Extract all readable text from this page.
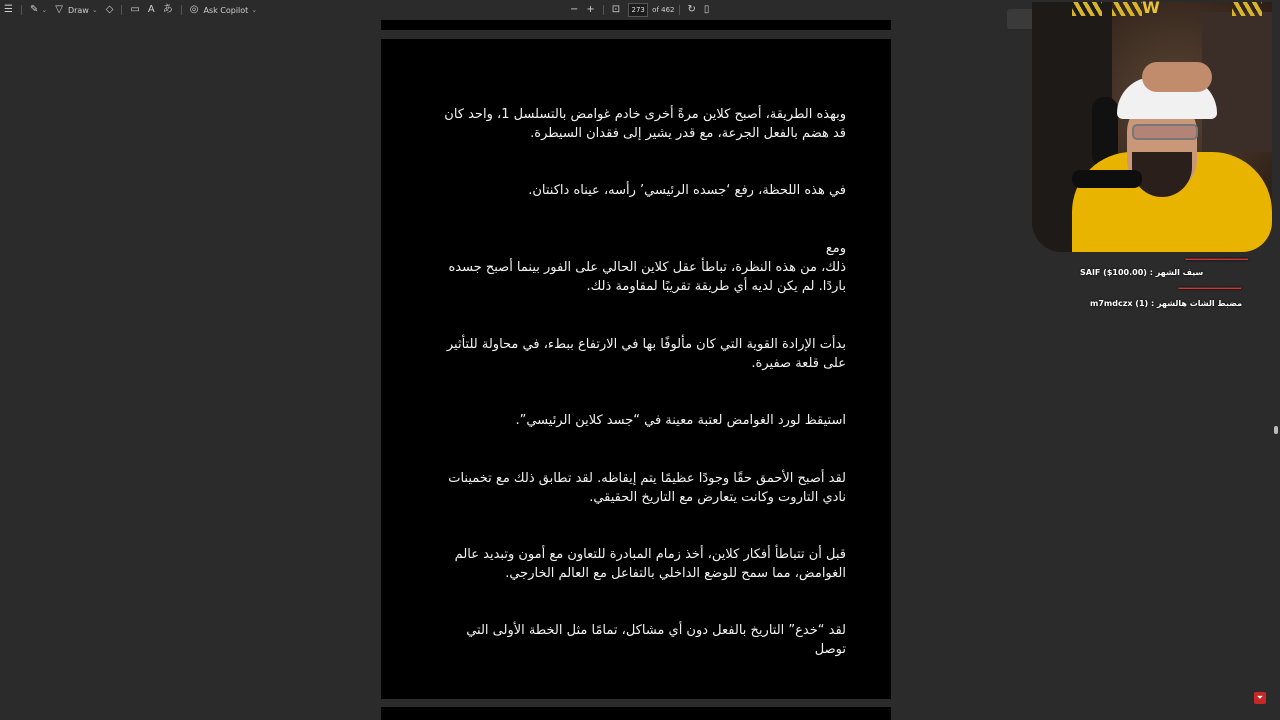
☰ ✎ ⌄ ▽ Draw ⌄ ◇ ▭ A あ ◎ Ask Copilot ⌄	− + ⊡
273	of 462 ↻ ▯
وبهذه الطريقة، أصبح كلاين مرةً أخرى خادم غوامض بالتسلسل 1، واحد كان قد هضم بالفعل الجرعة، مع قدر يشير إلى فقدان السيطرة.
في هذه اللحظة، رفع ‘جسده الرئيسي’ رأسه، عيناه داكنتان.
ومع
ذلك، من هذه النظرة، تباطأ عقل كلاين الحالي على الفور بينما أصبح جسده باردًا. لم يكن لديه أي طريقة تقريبًا لمقاومة ذلك.
بدأت الإرادة القوية التي كان مألوفًا بها في الارتفاع ببطء، في محاولة للتأثير على قلعة صفيرة.
استيقظ لورد الغوامض لعتبة معينة في “جسد كلاين الرئيسي”.
لقد أصبح الأحمق حقًا وجودًا عظيمًا يتم إيقاظه. لقد تطابق ذلك مع تخمينات نادي التاروت وكانت يتعارض مع التاريخ الحقيقي.
قبل أن تتباطأ أفكار كلاين، أخذ زمام المبادرة للتعاون مع أمون وتبديد عالم الغوامض، مما سمح للوضع الداخلي بالتفاعل مع العالم الخارجي.
لقد “خدع” التاريخ بالفعل دون أي مشاكل، تمامًا مثل الخطة الأولى التي توصل
⏷
W
━━━━━━━━━━━━━
سيف الشهر : SAIF ($100.00)
━━━━━━━━━━━━━
مضبط الشات هالشهر : m7mdczx (1)
